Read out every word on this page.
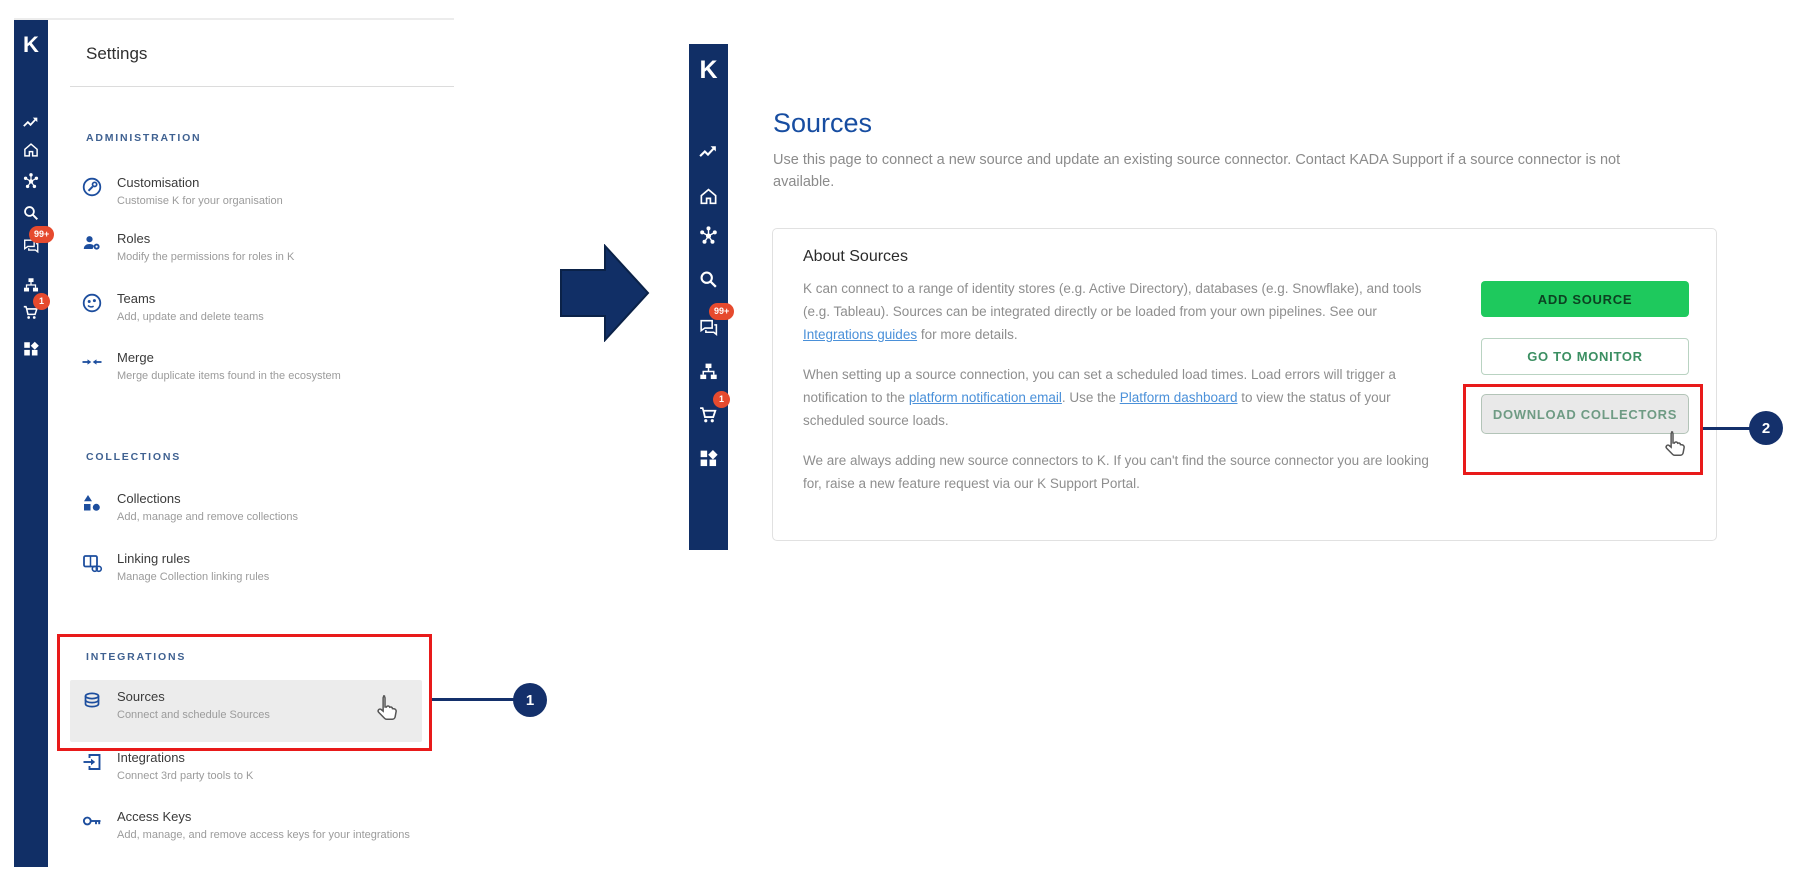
K
99+
1
Settings
ADMINISTRATION
Customisation
Customise K for your organisation
Roles
Modify the permissions for roles in K
Teams
Add, update and delete teams
Merge
Merge duplicate items found in the ecosystem
COLLECTIONS
Collections
Add, manage and remove collections
Linking rules
Manage Collection linking rules
INTEGRATIONS
Sources
Connect and schedule Sources
Integrations
Connect 3rd party tools to K
Access Keys
Add, manage, and remove access keys for your integrations
K
99+
1
Sources
Use this page to connect a new source and update an existing source connector. Contact KADA Support if a source connector is not available.
About Sources

K can connect to a range of identity stores (e.g. Active Directory), databases (e.g. Snowflake), and tools (e.g. Tableau). Sources can be integrated directly or be loaded from your own pipelines. See our Integrations guides for more details.

When setting up a source connection, you can set a scheduled load times. Load errors will trigger a notification to the platform notification email. Use the Platform dashboard to view the status of your scheduled source loads.

We are always adding new source connectors to K. If you can't find the source connector you are looking for, raise a new feature request via our K Support Portal.

ADD SOURCE
GO TO MONITOR
DOWNLOAD COLLECTORS
1
2
